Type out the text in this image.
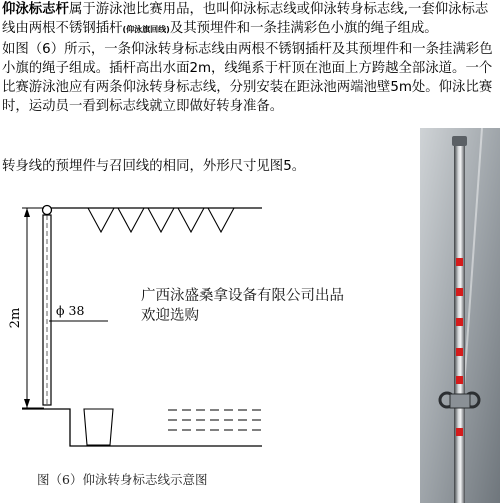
仰泳标志杆属于游泳池比赛用品，也叫仰泳标志线或仰泳转身标志线,一套仰泳标志线由两根不锈钢插杆(仰泳旗回线)及其预埋件和一条挂满彩色小旗的绳子组成。

如图（6）所示，一条仰泳转身标志线由两根不锈钢插杆及其预埋件和一条挂满彩色小旗的绳子组成。插杆高出水面2m，线绳系于杆顶在池面上方跨越全部泳道。一个比赛游泳池应有两条仰泳转身标志线，分别安装在距泳池两端池壁5m处。仰泳比赛时，运动员一看到标志线就立即做好转身准备。

转身线的预埋件与召回线的相同，外形尺寸见图5。
2m	ϕ 38
广西泳盛桑拿设备有限公司出品
欢迎选购
图（6）仰泳转身标志线示意图
